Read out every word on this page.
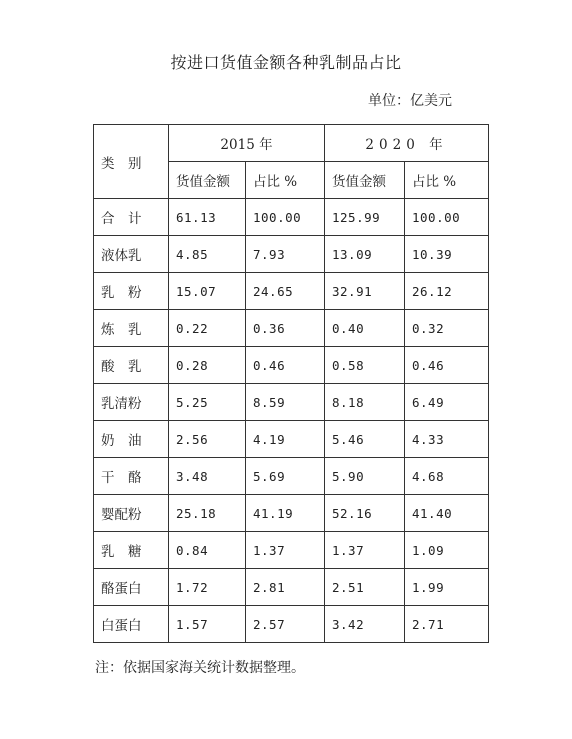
按进口货值金额各种乳制品占比
单位：亿美元
类　别	2015 年		2020 年	
	货值金额	占比 %	货值金额	占比 %
合　计	61.13	100.00	125.99	100.00
液体乳	4.85	7.93	13.09	10.39
乳　粉	15.07	24.65	32.91	26.12
炼　乳	0.22	0.36	0.40	0.32
酸　乳	0.28	0.46	0.58	0.46
乳清粉	5.25	8.59	8.18	6.49
奶　油	2.56	4.19	5.46	4.33
干　酪	3.48	5.69	5.90	4.68
婴配粉	25.18	41.19	52.16	41.40
乳　糖	0.84	1.37	1.37	1.09
酪蛋白	1.72	2.81	2.51	1.99
白蛋白	1.57	2.57	3.42	2.71
注：依据国家海关统计数据整理。
